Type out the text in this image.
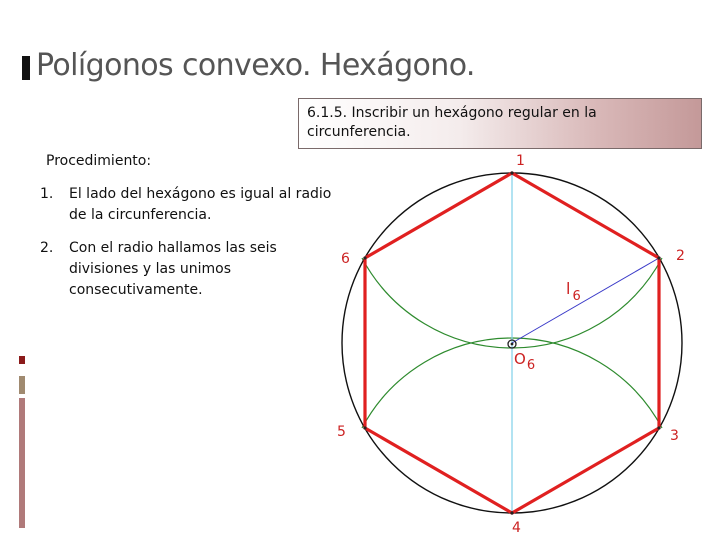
Polígonos convexo. Hexágono.
6.1.5. Inscribir un hexágono regular en la
circunferencia.
Procedimiento:
1. El lado del hexágono es igual al radio
de la circunferencia.
2. Con el radio hallamos las seis
divisiones y las unimos
consecutivamente.
1
2
3
4
5
6
l $_6$
O6
